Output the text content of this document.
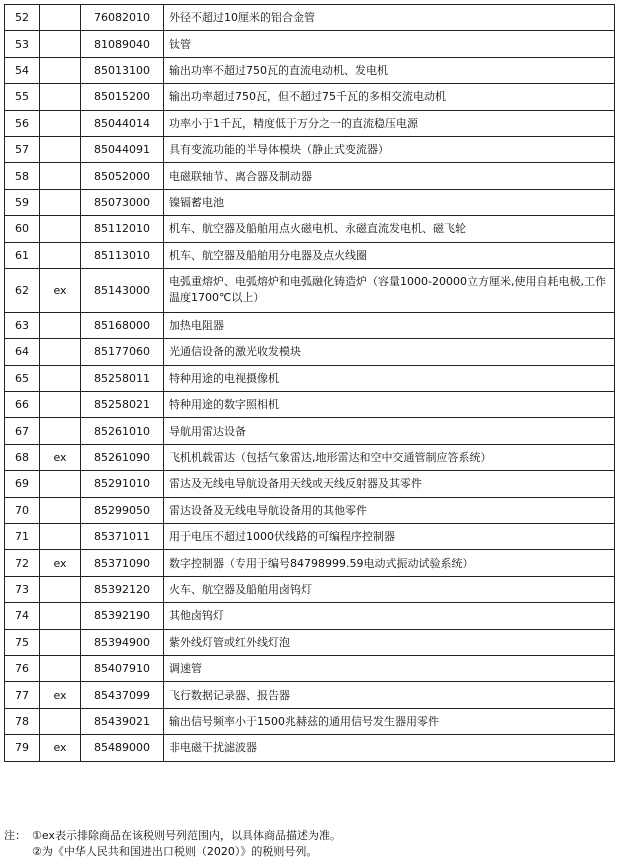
52		76082010	外径不超过10厘米的铝合金管
53		81089040	钛管
54		85013100	输出功率不超过750瓦的直流电动机、发电机
55		85015200	输出功率超过750瓦，但不超过75千瓦的多相交流电动机
56		85044014	功率小于1千瓦，精度低于万分之一的直流稳压电源
57		85044091	具有变流功能的半导体模块（静止式变流器）
58		85052000	电磁联轴节、离合器及制动器
59		85073000	镍镉蓄电池
60		85112010	机车、航空器及船舶用点火磁电机、永磁直流发电机、磁飞轮
61		85113010	机车、航空器及船舶用分电器及点火线圈
62	ex	85143000	电弧重熔炉、电弧熔炉和电弧融化铸造炉（容量1000-20000立方厘米,使用自耗电极,工作温度1700℃以上）
63		85168000	加热电阻器
64		85177060	光通信设备的激光收发模块
65		85258011	特种用途的电视摄像机
66		85258021	特种用途的数字照相机
67		85261010	导航用雷达设备
68	ex	85261090	飞机机载雷达（包括气象雷达,地形雷达和空中交通管制应答系统）
69		85291010	雷达及无线电导航设备用天线或天线反射器及其零件
70		85299050	雷达设备及无线电导航设备用的其他零件
71		85371011	用于电压不超过1000伏线路的可编程序控制器
72	ex	85371090	数字控制器（专用于编号84798999.59电动式振动试验系统）
73		85392120	火车、航空器及船舶用卤钨灯
74		85392190	其他卤钨灯
75		85394900	紫外线灯管或红外线灯泡
76		85407910	调速管
77	ex	85437099	飞行数据记录器、报告器
78		85439021	输出信号频率小于1500兆赫兹的通用信号发生器用零件
79	ex	85489000	非电磁干扰滤波器
注： ①ex表示排除商品在该税则号列范围内，以具体商品描述为准。
②为《中华人民共和国进出口税则（2020）》的税则号列。
